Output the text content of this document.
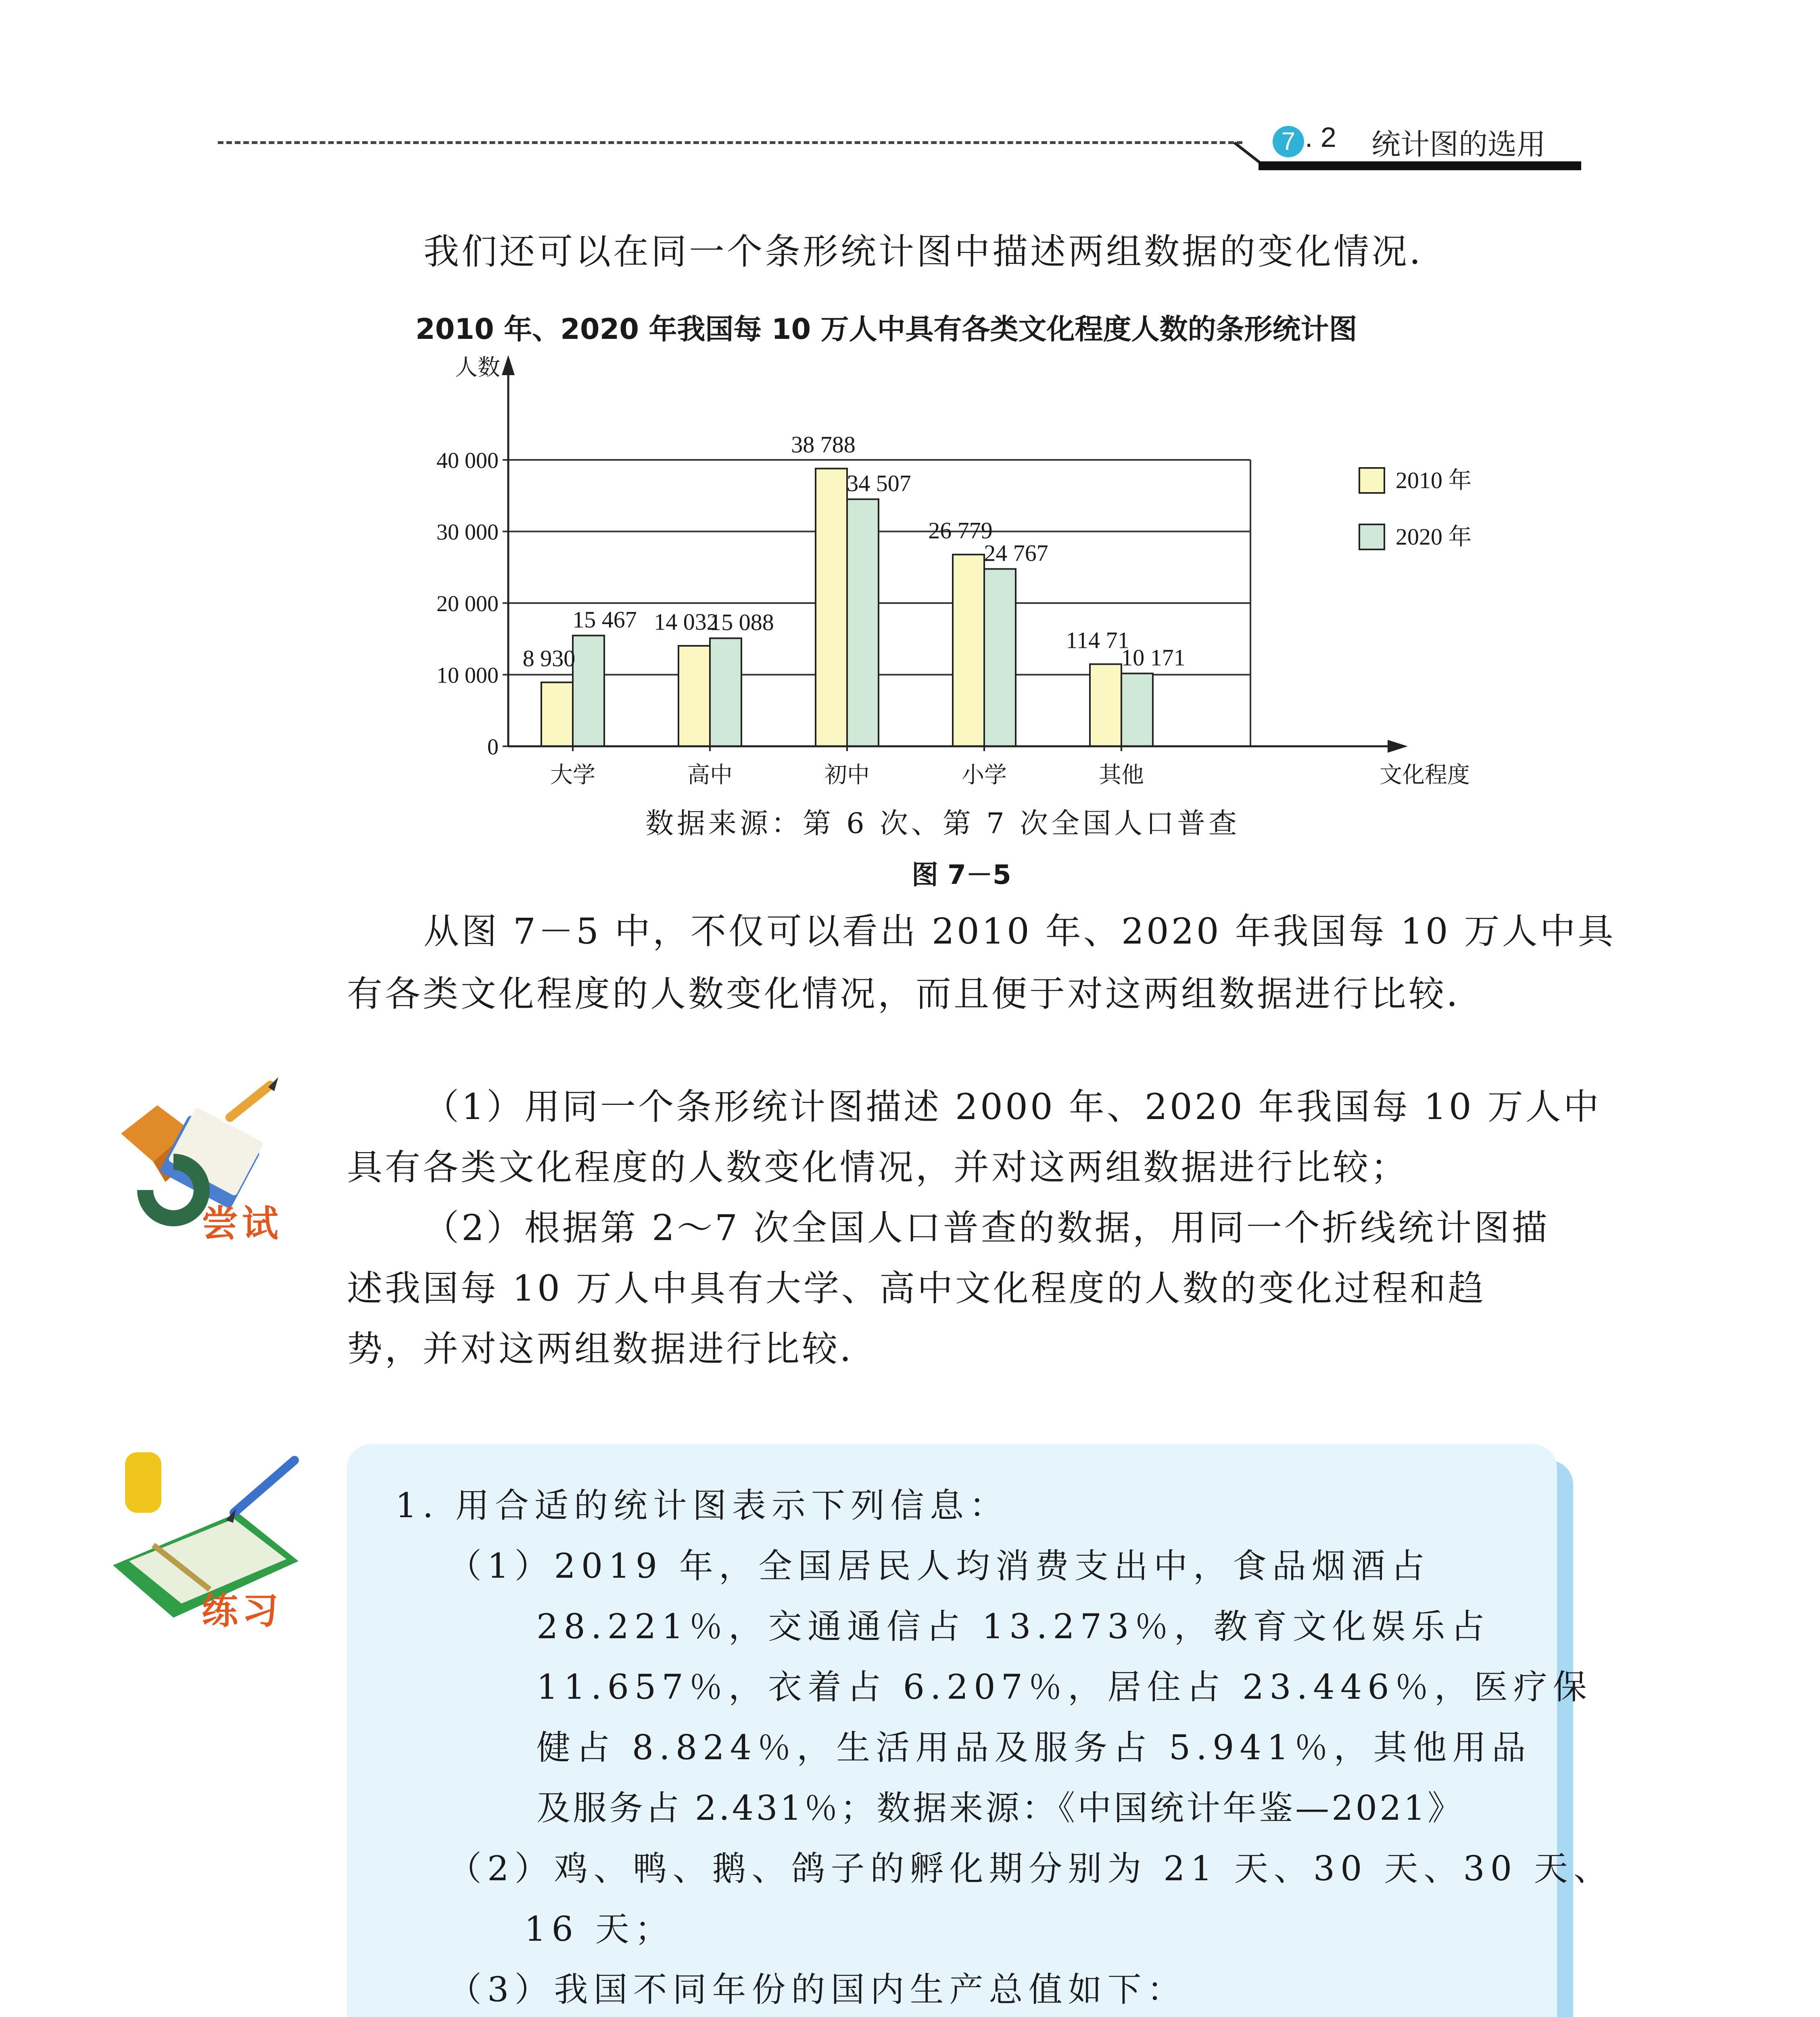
7 . 2 统计图的选用
我们还可以在同一个条形统计图中描述两组数据的变化情况．
2010 年、2020 年我国每 10 万人中具有各类文化程度人数的条形统计图
0
10 000
20 000
30 000
40 000
人数
文化程度
大学
8 930
15 467
高中
14 032
15 088
初中
38 788
34 507
小学
26 779
24 767
其他
114 71
10 171
2010 年
2020 年
数据来源：第 6 次、第 7 次全国人口普查
图 7－5
从图 7－5 中，不仅可以看出 2010 年、2020 年我国每 10 万人中具
有各类文化程度的人数变化情况，而且便于对这两组数据进行比较．
尝试
（1）用同一个条形统计图描述 2000 年、2020 年我国每 10 万人中
具有各类文化程度的人数变化情况，并对这两组数据进行比较；
（2）根据第 2～7 次全国人口普查的数据，用同一个折线统计图描
述我国每 10 万人中具有大学、高中文化程度的人数的变化过程和趋
势，并对这两组数据进行比较．
练习
1. 用合适的统计图表示下列信息：
（1）2019 年，全国居民人均消费支出中，食品烟酒占
28.221％，交通通信占 13.273％，教育文化娱乐占
11.657％，衣着占 6.207％，居住占 23.446％，医疗保
健占 8.824％，生活用品及服务占 5.941％，其他用品
及服务占 2.431％；数据来源：《中国统计年鉴—2021》
（2）鸡、鸭、鹅、鸽子的孵化期分别为 21 天、30 天、30 天、
16 天；
（3）我国不同年份的国内生产总值如下：
